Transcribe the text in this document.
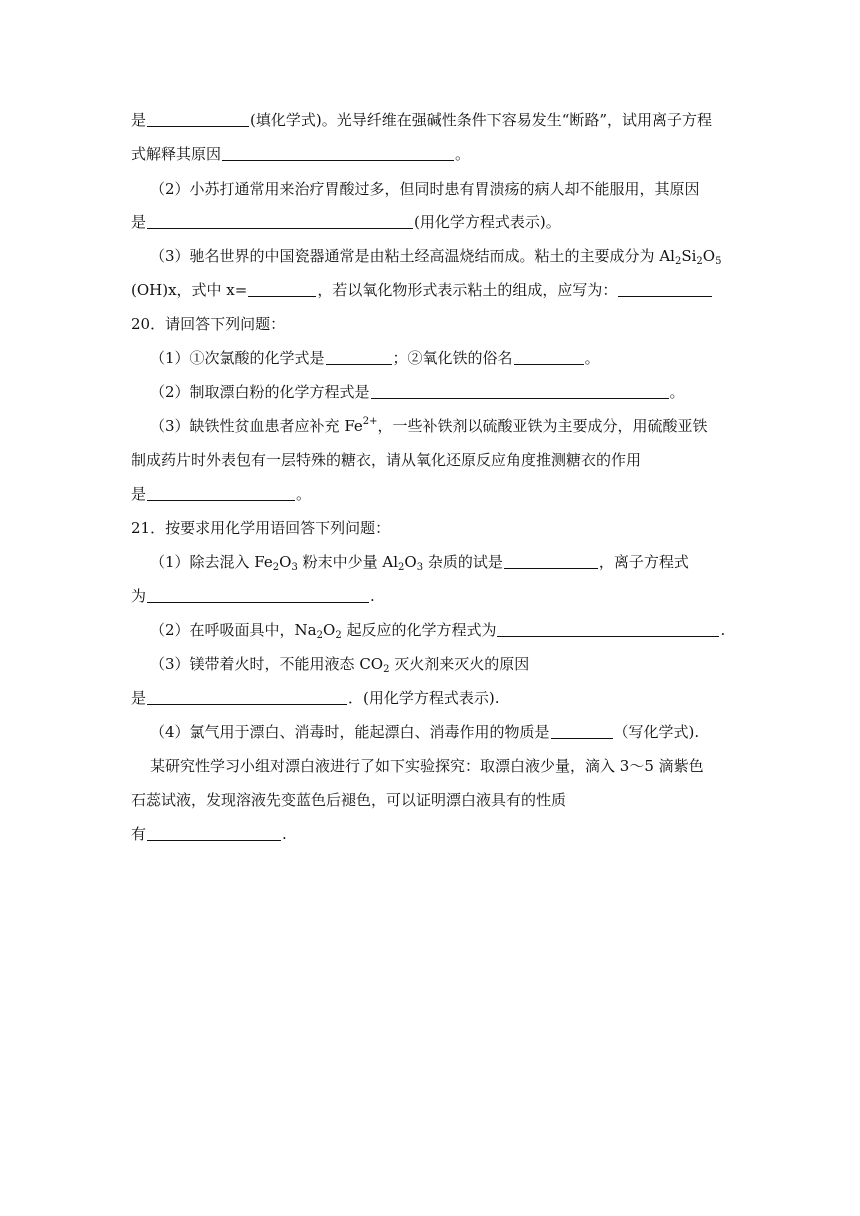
是	(填化学式)。光导纤维在强碱性条件下容易发生“断路”，试用离子方程
式解释其原因	。
（2）小苏打通常用来治疗胃酸过多，但同时患有胃溃疡的病人却不能服用，其原因
是	(用化学方程式表示)。
（3）驰名世界的中国瓷器通常是由粘土经高温烧结而成。粘土的主要成分为 $Al_2Si_2O_5$
(OH)x，式中 x=	，若以氧化物形式表示粘土的组成，应写为：
20．请回答下列问题：
（1）①次氯酸的化学式是	；②氧化铁的俗名	。
（2）制取漂白粉的化学方程式是	。
（3）缺铁性贫血患者应补充 $Fe^{2+}$，一些补铁剂以硫酸亚铁为主要成分，用硫酸亚铁
制成药片时外表包有一层特殊的糖衣，请从氧化还原反应角度推测糖衣的作用
是	。
21．按要求用化学用语回答下列问题：
（1）除去混入 $Fe_2O_3$ 粉末中少量 $Al_2O_3$ 杂质的试是	，离子方程式
为	.
（2）在呼吸面具中，$Na_2O_2$ 起反应的化学方程式为	.
（3）镁带着火时，不能用液态 $CO_2$ 灭火剂来灭火的原因
是	．(用化学方程式表示).
（4）氯气用于漂白、消毒时，能起漂白、消毒作用的物质是	（写化学式).
某研究性学习小组对漂白液进行了如下实验探究：取漂白液少量，滴入 3～5 滴紫色
石蕊试液，发现溶液先变蓝色后褪色，可以证明漂白液具有的性质
有	.
